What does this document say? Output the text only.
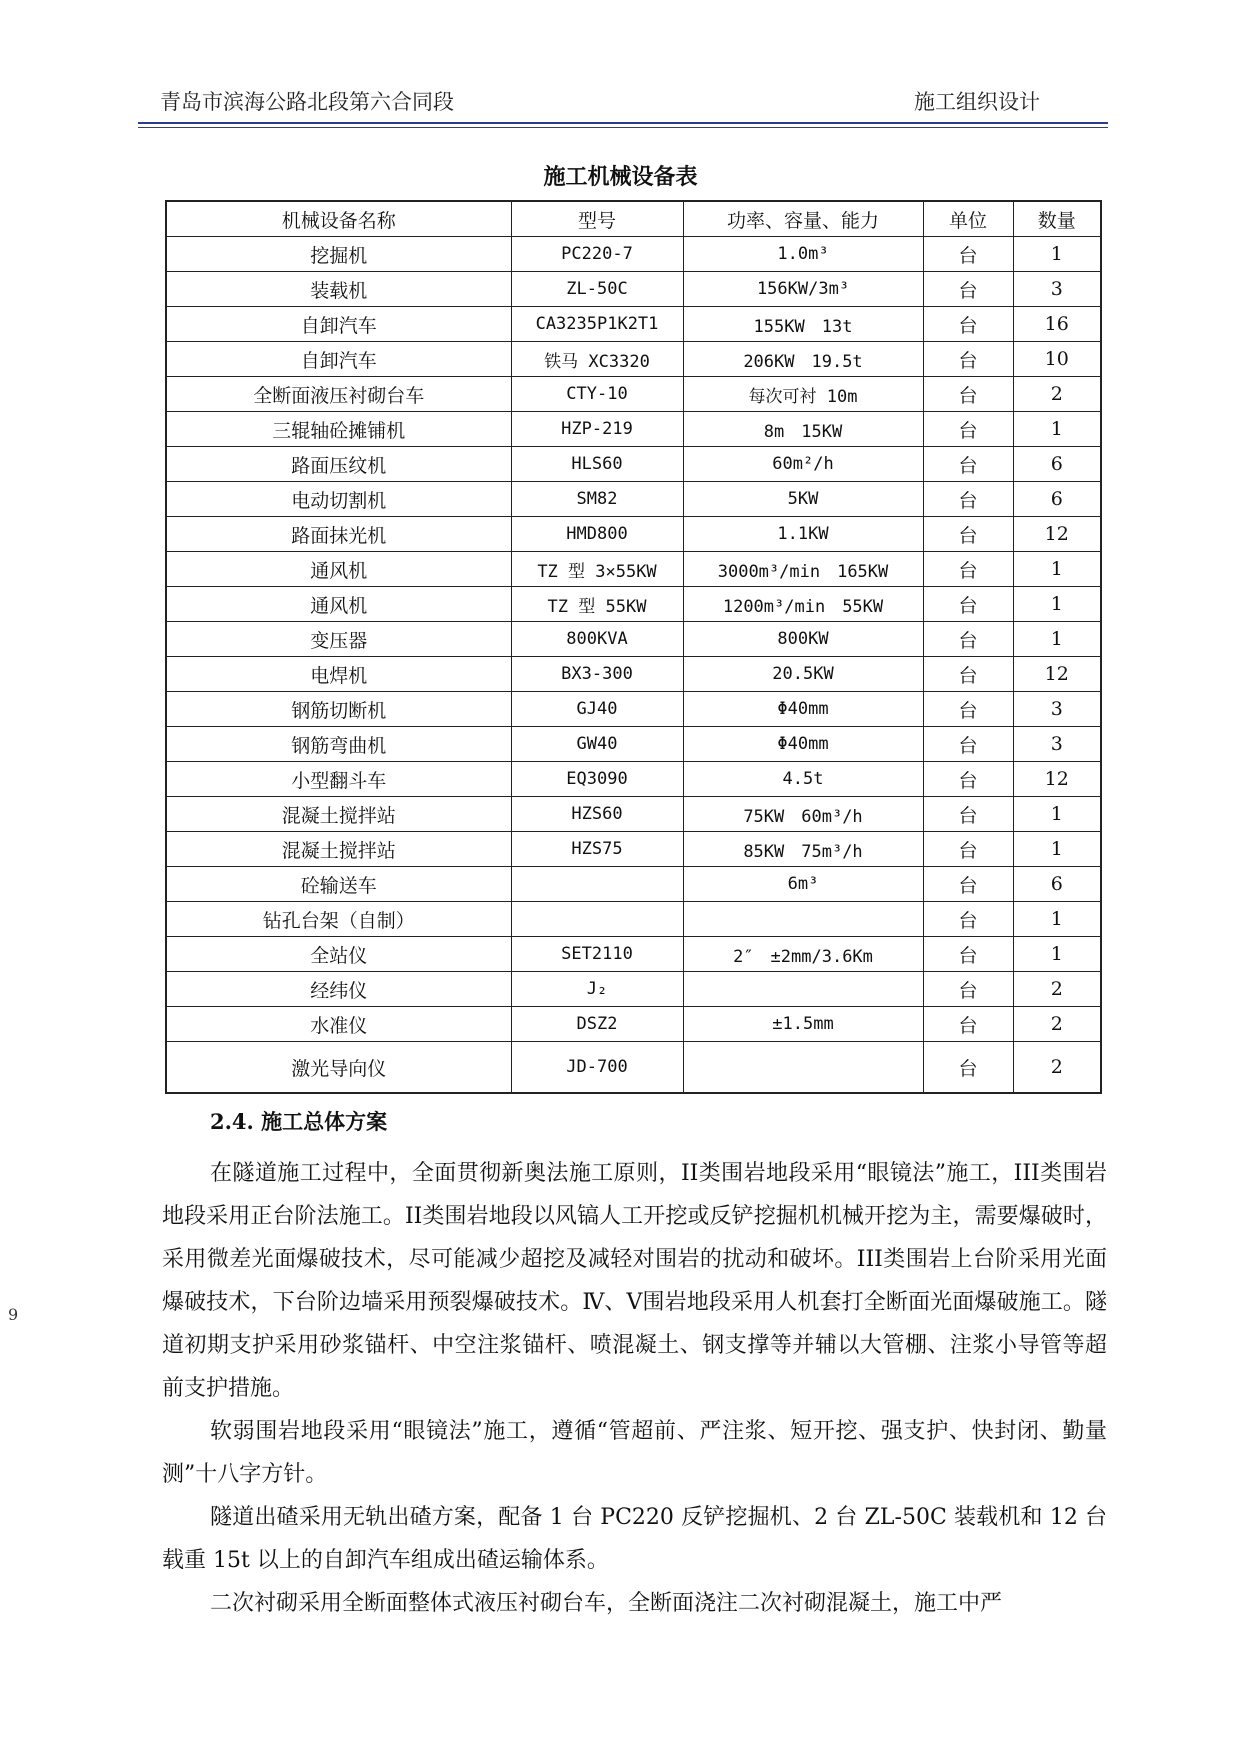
青岛市滨海公路北段第六合同段	施工组织设计
施工机械设备表
机械设备名称	型号	功率、容量、能力	单位	数量
挖掘机	PC220-7	1.0m³	台	1
装载机	ZL-50C	156KW/3m³	台	3
自卸汽车	CA3235P1K2T1	155KW　13t	台	16
自卸汽车	铁马 XC3320	206KW　19.5t	台	10
全断面液压衬砌台车	CTY-10	每次可衬 10m	台	2
三辊轴砼摊铺机	HZP-219	8m　15KW	台	1
路面压纹机	HLS60	60m²/h	台	6
电动切割机	SM82	5KW	台	6
路面抹光机	HMD800	1.1KW	台	12
通风机	TZ 型 3×55KW	3000m³/min　165KW	台	1
通风机	TZ 型 55KW	1200m³/min　55KW	台	1
变压器	800KVA	800KW	台	1
电焊机	BX3-300	20.5KW	台	12
钢筋切断机	GJ40	Φ40mm	台	3
钢筋弯曲机	GW40	Φ40mm	台	3
小型翻斗车	EQ3090	4.5t	台	12
混凝土搅拌站	HZS60	75KW　60m³/h	台	1
混凝土搅拌站	HZS75	85KW　75m³/h	台	1
砼输送车		6m³	台	6
钻孔台架（自制）			台	1
全站仪	SET2110	2″　±2mm/3.6Km	台	1
经纬仪	J₂		台	2
水准仪	DSZ2	±1.5mm	台	2
激光导向仪	JD-700		台	2
2.4. 施工总体方案

在隧道施工过程中，全面贯彻新奥法施工原则，II类围岩地段采用“眼镜法”施工，III类围岩地段采用正台阶法施工。II类围岩地段以风镐人工开挖或反铲挖掘机机械开挖为主，需要爆破时，采用微差光面爆破技术，尽可能减少超挖及减轻对围岩的扰动和破坏。III类围岩上台阶采用光面爆破技术，下台阶边墙采用预裂爆破技术。Ⅳ、Ⅴ围岩地段采用人机套打全断面光面爆破施工。隧道初期支护采用砂浆锚杆、中空注浆锚杆、喷混凝土、钢支撑等并辅以大管棚、注浆小导管等超前支护措施。

软弱围岩地段采用“眼镜法”施工，遵循“管超前、严注浆、短开挖、强支护、快封闭、勤量测”十八字方针。

隧道出碴采用无轨出碴方案，配备 1 台 PC220 反铲挖掘机、2 台 ZL-50C 装载机和 12 台载重 15t 以上的自卸汽车组成出碴运输体系。

二次衬砌采用全断面整体式液压衬砌台车，全断面浇注二次衬砌混凝土，施工中严

9
